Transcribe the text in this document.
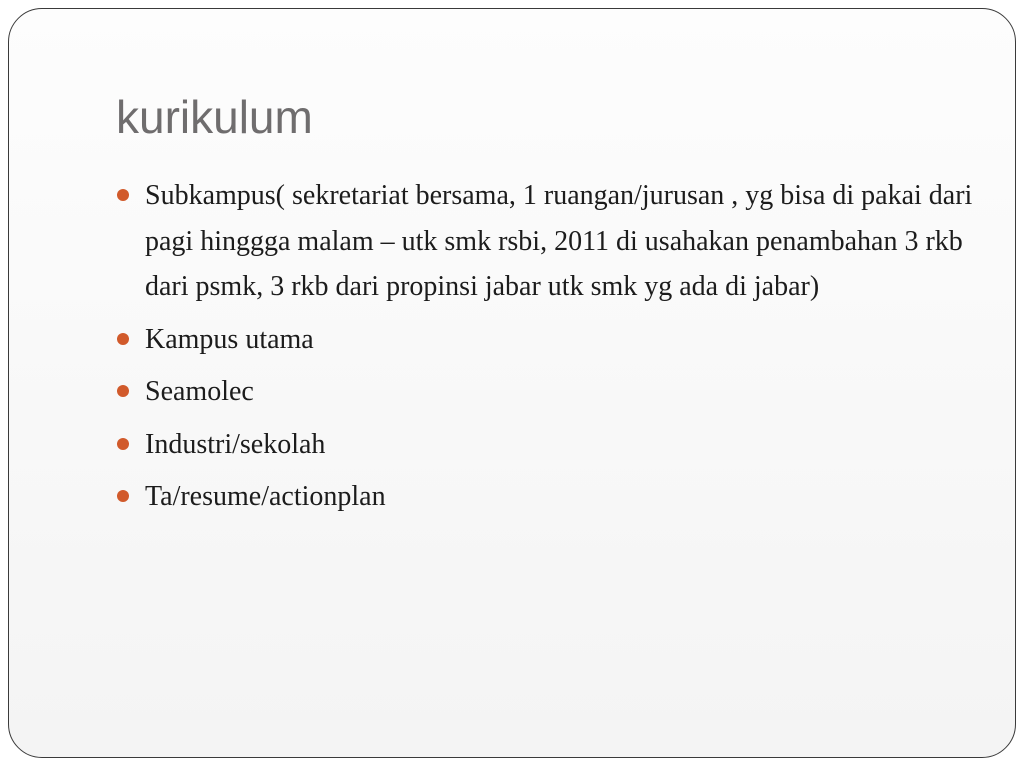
kurikulum
Subkampus( sekretariat bersama, 1 ruangan/jurusan , yg bisa di pakai dari pagi hinggga malam – utk smk rsbi, 2011 di usahakan penambahan 3 rkb dari psmk, 3 rkb dari propinsi jabar utk smk yg ada di jabar)
Kampus utama
Seamolec
Industri/sekolah
Ta/resume/actionplan
